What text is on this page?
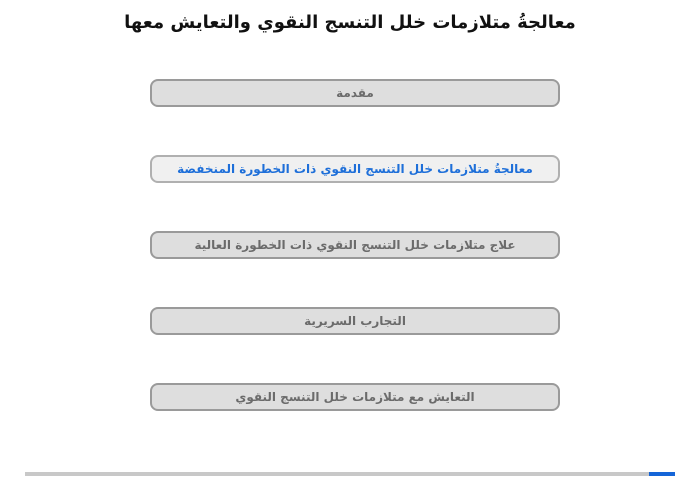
معالجةُ متلازمات خلل التنسج النقوي والتعايش معها
مقدمة
معالجةُ متلازمات خلل التنسج النقوي ذات الخطورة المنخفضة
علاج متلازمات خلل التنسج النقوي ذات الخطورة العالية
التجارب السريرية
التعايش مع متلازمات خلل التنسج النقوي
